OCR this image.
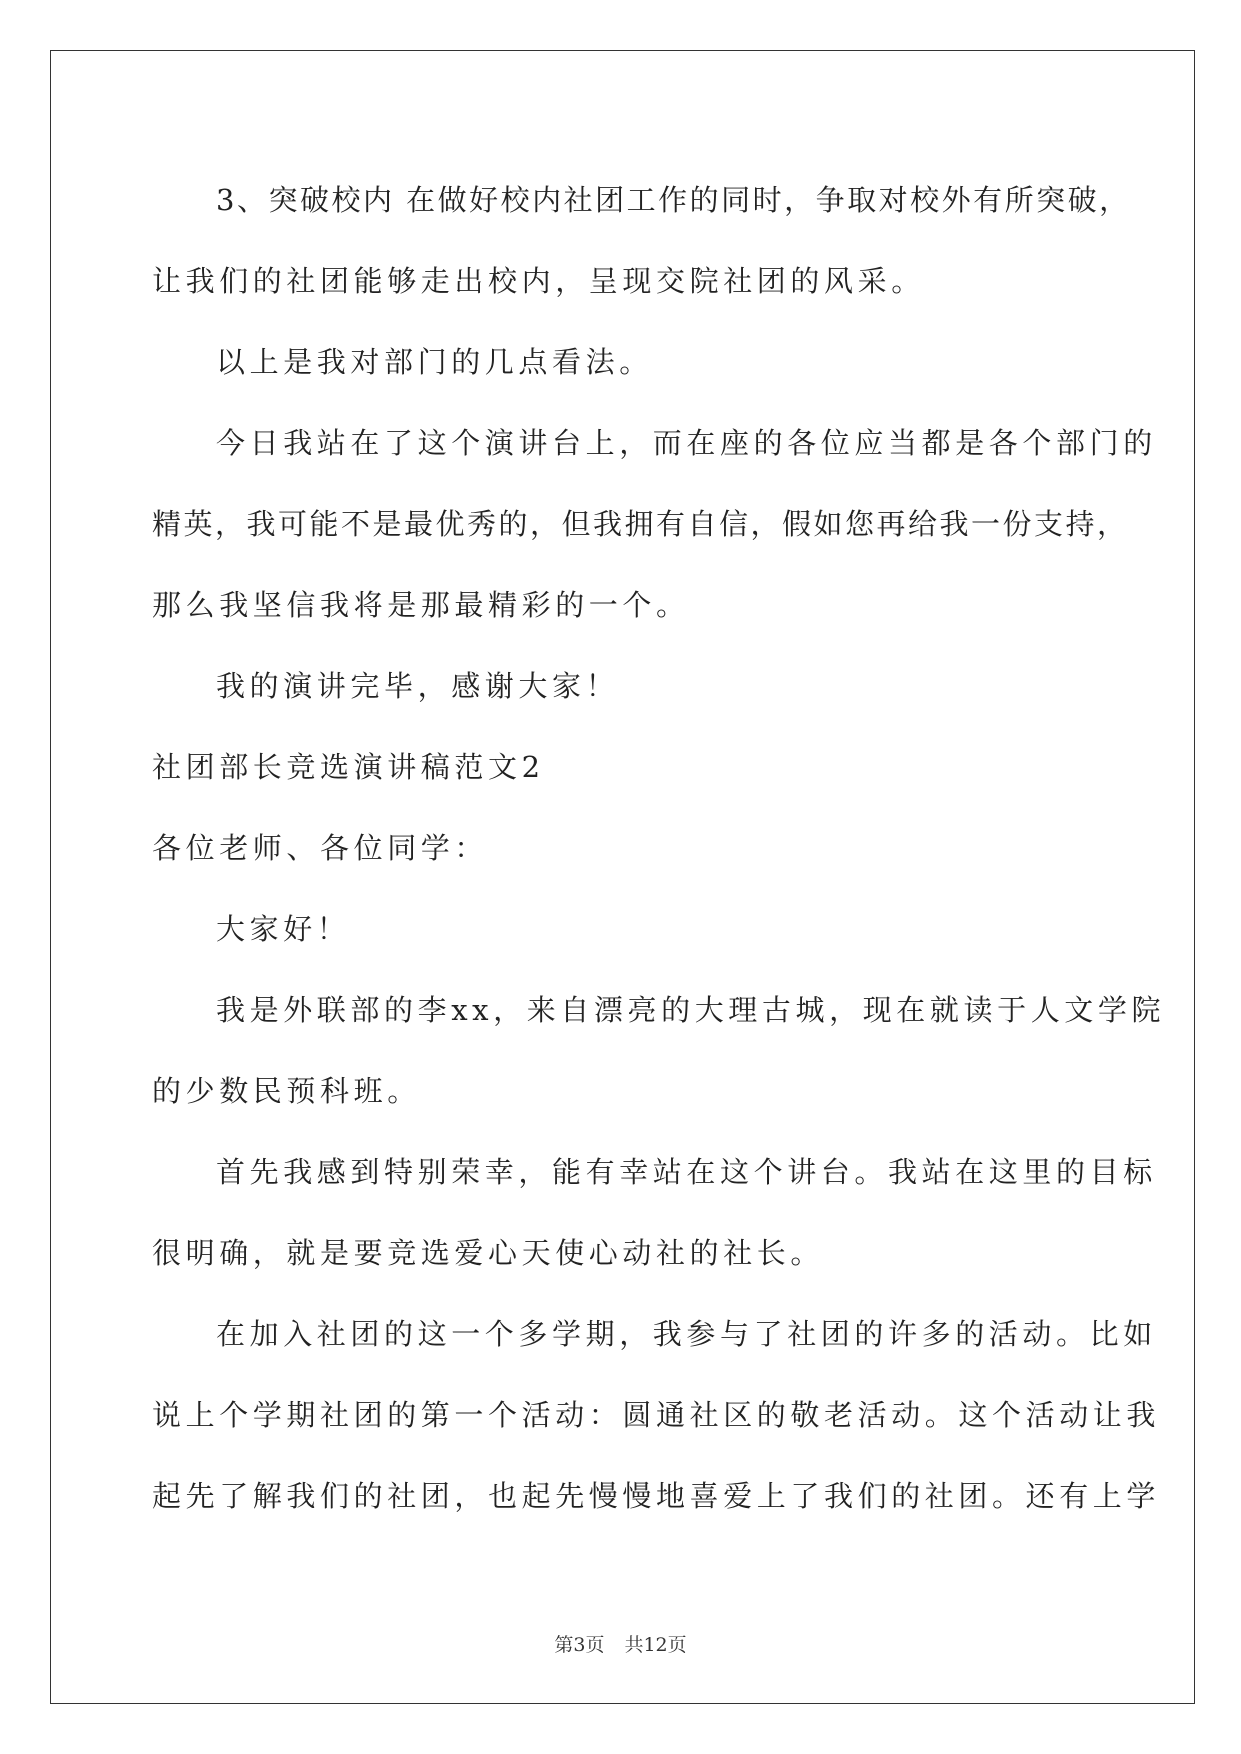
3、突破校内 在做好校内社团工作的同时，争取对校外有所突破，

让我们的社团能够走出校内，呈现交院社团的风采。

以上是我对部门的几点看法。

今日我站在了这个演讲台上，而在座的各位应当都是各个部门的

精英，我可能不是最优秀的，但我拥有自信，假如您再给我一份支持，

那么我坚信我将是那最精彩的一个。

我的演讲完毕，感谢大家！

社团部长竞选演讲稿范文2

各位老师、各位同学：

大家好！

我是外联部的李xx，来自漂亮的大理古城，现在就读于人文学院

的少数民预科班。

首先我感到特别荣幸，能有幸站在这个讲台。我站在这里的目标

很明确，就是要竞选爱心天使心动社的社长。

在加入社团的这一个多学期，我参与了社团的许多的活动。比如

说上个学期社团的第一个活动：圆通社区的敬老活动。这个活动让我

起先了解我们的社团，也起先慢慢地喜爱上了我们的社团。还有上学

第3页 共12页
